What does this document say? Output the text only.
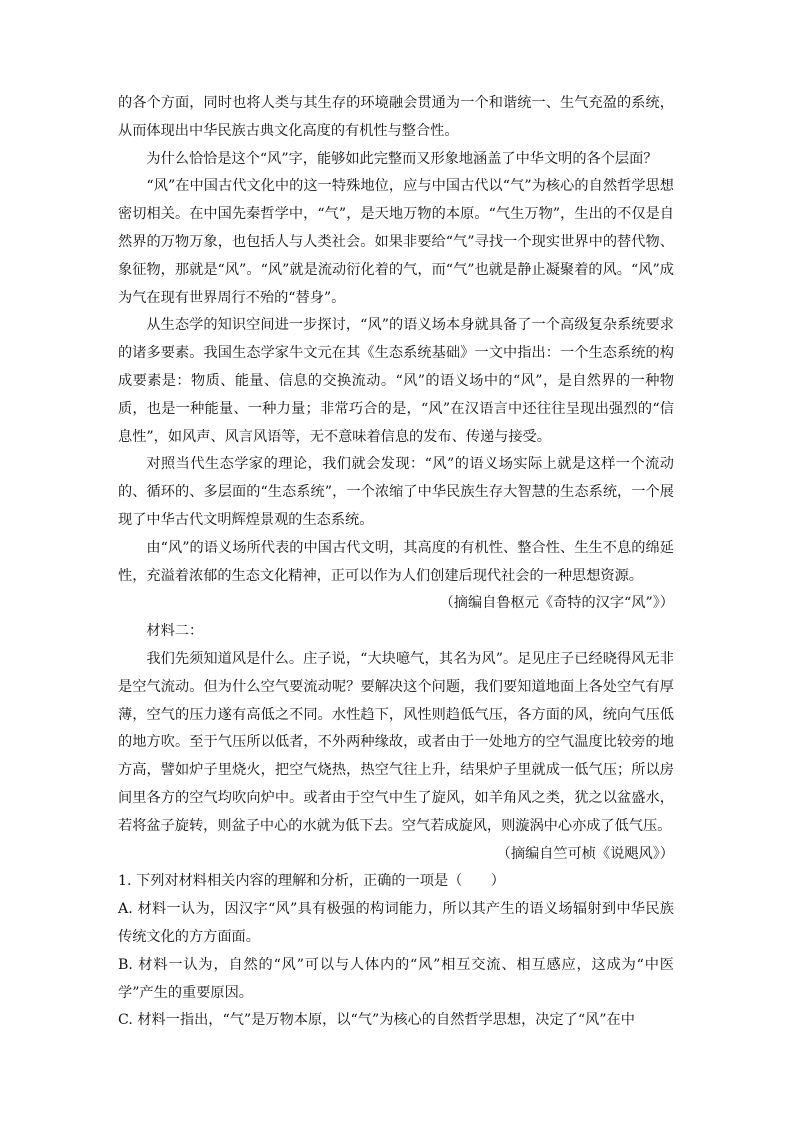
的各个方面，同时也将人类与其生存的环境融会贯通为一个和谐统一、生气充盈的系统，从而体现出中华民族古典文化高度的有机性与整合性。

为什么恰恰是这个“风”字，能够如此完整而又形象地涵盖了中华文明的各个层面？

“风”在中国古代文化中的这一特殊地位，应与中国古代以“气”为核心的自然哲学思想密切相关。在中国先秦哲学中，“气”，是天地万物的本原。“气生万物”，生出的不仅是自然界的万物万象，也包括人与人类社会。如果非要给“气”寻找一个现实世界中的替代物、象征物，那就是“风”。“风”就是流动衍化着的气，而“气”也就是静止凝聚着的风。“风”成为气在现有世界周行不殆的“替身”。

从生态学的知识空间进一步探讨，“风”的语义场本身就具备了一个高级复杂系统要求的诸多要素。我国生态学家牛文元在其《生态系统基础》一文中指出：一个生态系统的构成要素是：物质、能量、信息的交换流动。“风”的语义场中的“风”，是自然界的一种物质，也是一种能量、一种力量；非常巧合的是，“风”在汉语言中还往往呈现出强烈的“信息性”，如风声、风言风语等，无不意味着信息的发布、传递与接受。

对照当代生态学家的理论，我们就会发现：“风”的语义场实际上就是这样一个流动的、循环的、多层面的“生态系统”，一个浓缩了中华民族生存大智慧的生态系统，一个展现了中华古代文明辉煌景观的生态系统。

由“风”的语义场所代表的中国古代文明，其高度的有机性、整合性、生生不息的绵延性，充溢着浓郁的生态文化精神，正可以作为人们创建后现代社会的一种思想资源。

（摘编自鲁枢元《奇特的汉字“风”》）

材料二：

我们先须知道风是什么。庄子说，“大块噫气，其名为风”。足见庄子已经晓得风无非是空气流动。但为什么空气要流动呢？要解决这个问题，我们要知道地面上各处空气有厚薄，空气的压力遂有高低之不同。水性趋下，风性则趋低气压，各方面的风，统向气压低的地方吹。至于气压所以低者，不外两种缘故，或者由于一处地方的空气温度比较旁的地方高，譬如炉子里烧火，把空气烧热，热空气往上升，结果炉子里就成一低气压；所以房间里各方的空气均吹向炉中。或者由于空气中生了旋风，如羊角风之类，犹之以盆盛水，若将盆子旋转，则盆子中心的水就为低下去。空气若成旋风，则漩涡中心亦成了低气压。

（摘编自竺可桢《说飓风》）

1. 下列对材料相关内容的理解和分析，正确的一项是（　　）

A. 材料一认为，因汉字“风”具有极强的构词能力，所以其产生的语义场辐射到中华民族传统文化的方方面面。

B. 材料一认为，自然的“风”可以与人体内的“风”相互交流、相互感应，这成为“中医学”产生的重要原因。

C. 材料一指出，“气”是万物本原，以“气”为核心的自然哲学思想，决定了“风”在中
